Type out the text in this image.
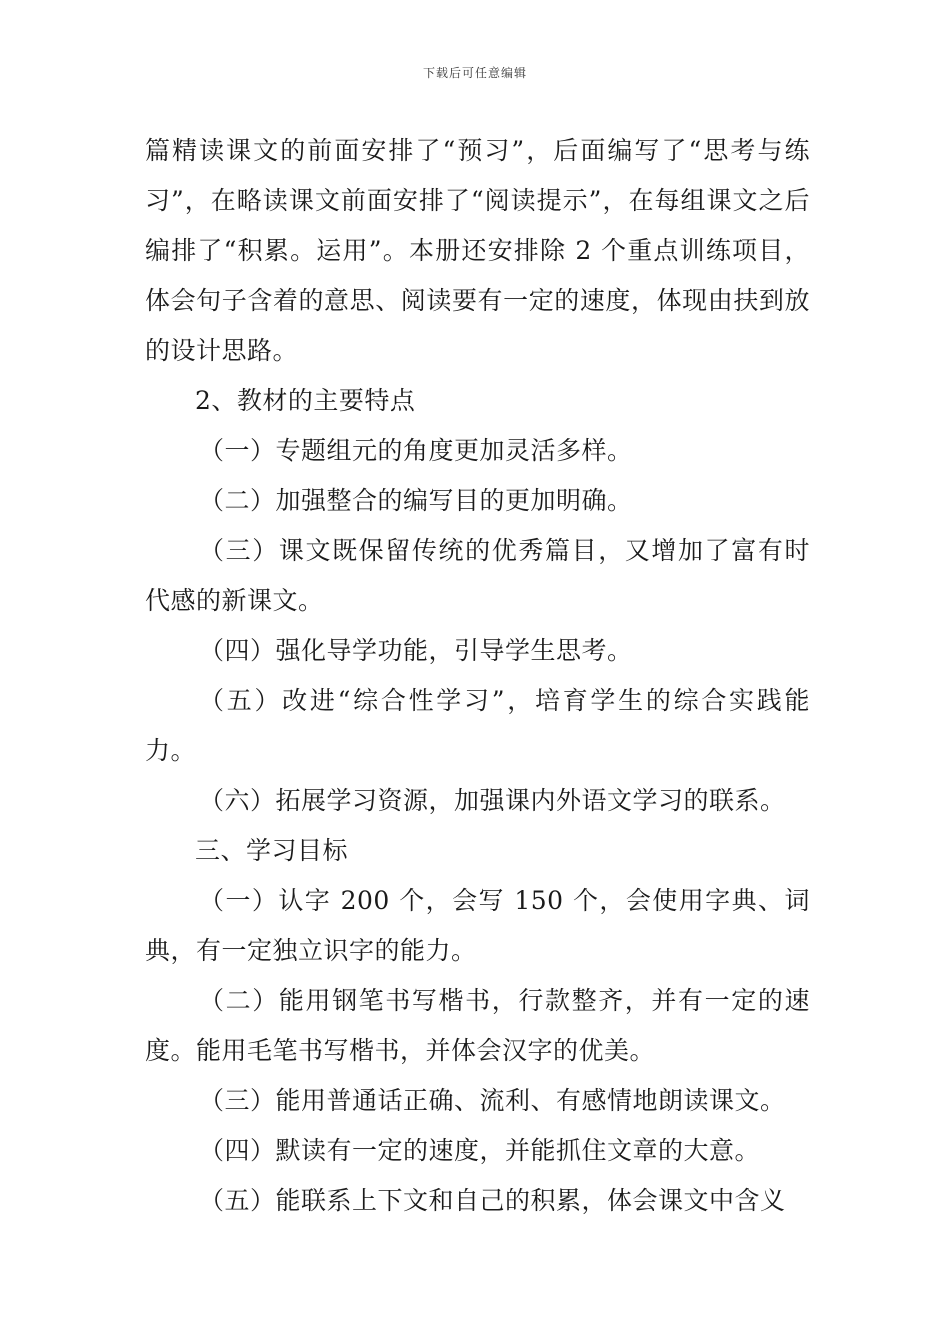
下载后可任意编辑

篇精读课文的前面安排了“预习”，后面编写了“思考与练习”，在略读课文前面安排了“阅读提示”，在每组课文之后编排了“积累。运用”。本册还安排除 2 个重点训练项目，体会句子含着的意思、阅读要有一定的速度，体现由扶到放的设计思路。

2、教材的主要特点

（一）专题组元的角度更加灵活多样。

（二）加强整合的编写目的更加明确。

（三）课文既保留传统的优秀篇目，又增加了富有时代感的新课文。

（四）强化导学功能，引导学生思考。

（五）改进“综合性学习”，培育学生的综合实践能力。

（六）拓展学习资源，加强课内外语文学习的联系。

三、学习目标

（一）认字 200 个，会写 150 个，会使用字典、词典，有一定独立识字的能力。

（二）能用钢笔书写楷书，行款整齐，并有一定的速度。能用毛笔书写楷书，并体会汉字的优美。

（三）能用普通话正确、流利、有感情地朗读课文。

（四）默读有一定的速度，并能抓住文章的大意。

（五）能联系上下文和自己的积累，体会课文中含义
